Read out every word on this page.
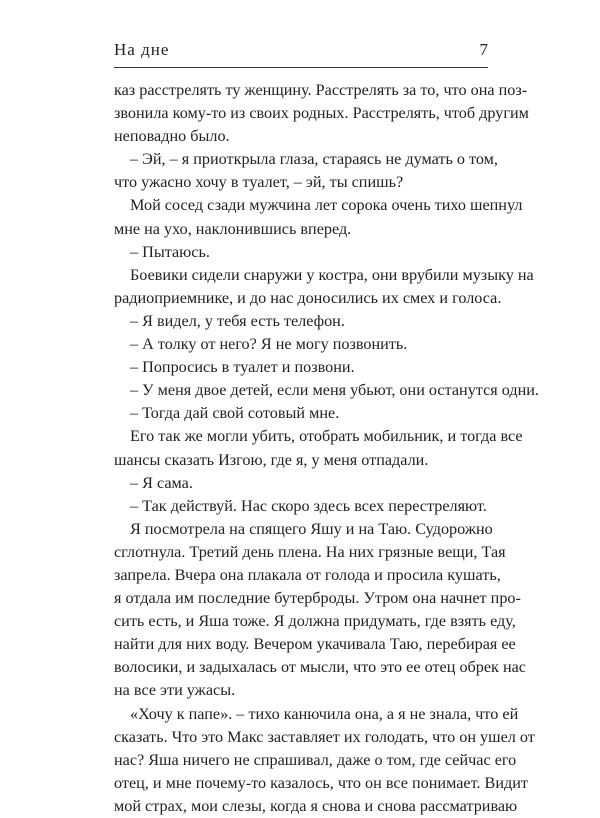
На дне	7
каз расстрелять ту женщину. Расстрелять за то, что она поз-
звонила кому-то из своих родных. Расстрелять, чтоб другим
неповадно было.
– Эй, – я приоткрыла глаза, стараясь не думать о том,
что ужасно хочу в туалет, – эй, ты спишь?
Мой сосед сзади мужчина лет сорока очень тихо шепнул
мне на ухо, наклонившись вперед.
– Пытаюсь.
Боевики сидели снаружи у костра, они врубили музыку на
радиоприемнике, и до нас доносились их смех и голоса.
– Я видел, у тебя есть телефон.
– А толку от него? Я не могу позвонить.
– Попросись в туалет и позвони.
– У меня двое детей, если меня убьют, они останутся одни.
– Тогда дай свой сотовый мне.
Его так же могли убить, отобрать мобильник, и тогда все
шансы сказать Изгою, где я, у меня отпадали.
– Я сама.
– Так действуй. Нас скоро здесь всех перестреляют.
Я посмотрела на спящего Яшу и на Таю. Судорожно
сглотнула. Третий день плена. На них грязные вещи, Тая
запрела. Вчера она плакала от голода и просила кушать,
я отдала им последние бутерброды. Утром она начнет про-
сить есть, и Яша тоже. Я должна придумать, где взять еду,
найти для них воду. Вечером укачивала Таю, перебирая ее
волосики, и задыхалась от мысли, что это ее отец обрек нас
на все эти ужасы.
«Хочу к папе». – тихо канючила она, а я не знала, что ей
сказать. Что это Макс заставляет их голодать, что он ушел от
нас? Яша ничего не спрашивал, даже о том, где сейчас его
отец, и мне почему-то казалось, что он все понимает. Видит
мой страх, мои слезы, когда я снова и снова рассматриваю
